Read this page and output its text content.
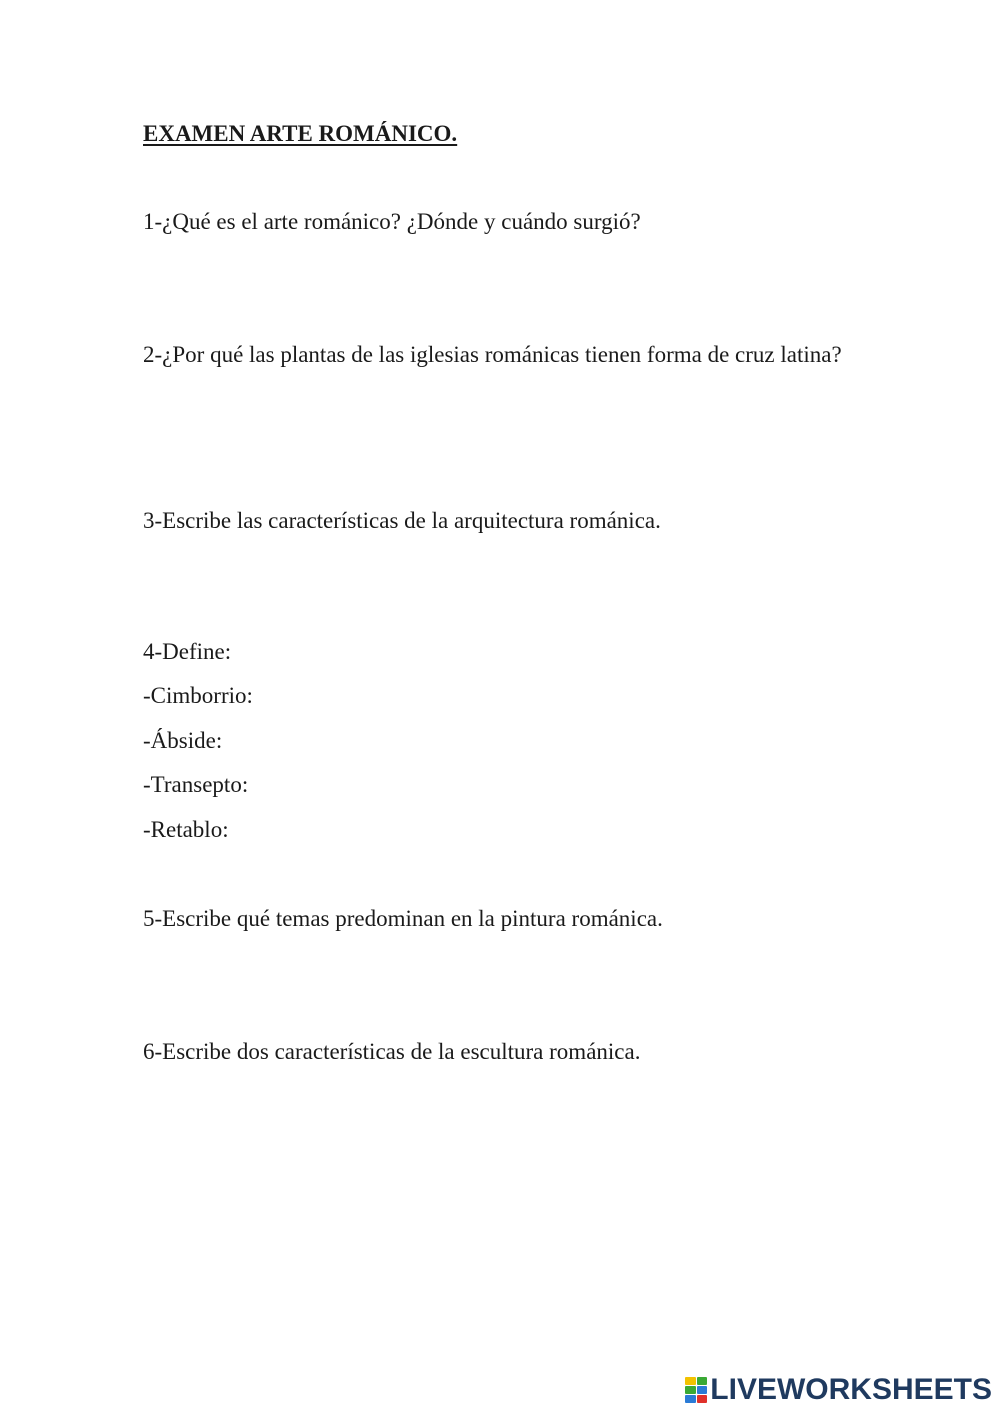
EXAMEN ARTE ROMÁNICO.
1-¿Qué es el arte románico? ¿Dónde y cuándo surgió?
2-¿Por qué las plantas de las iglesias románicas tienen forma de cruz latina?
3-Escribe las características de la arquitectura románica.
4-Define:
-Cimborrio:
-Ábside:
-Transepto:
-Retablo:
5-Escribe qué temas predominan en la pintura románica.
6-Escribe dos características de la escultura románica.
LIVEWORKSHEETS
